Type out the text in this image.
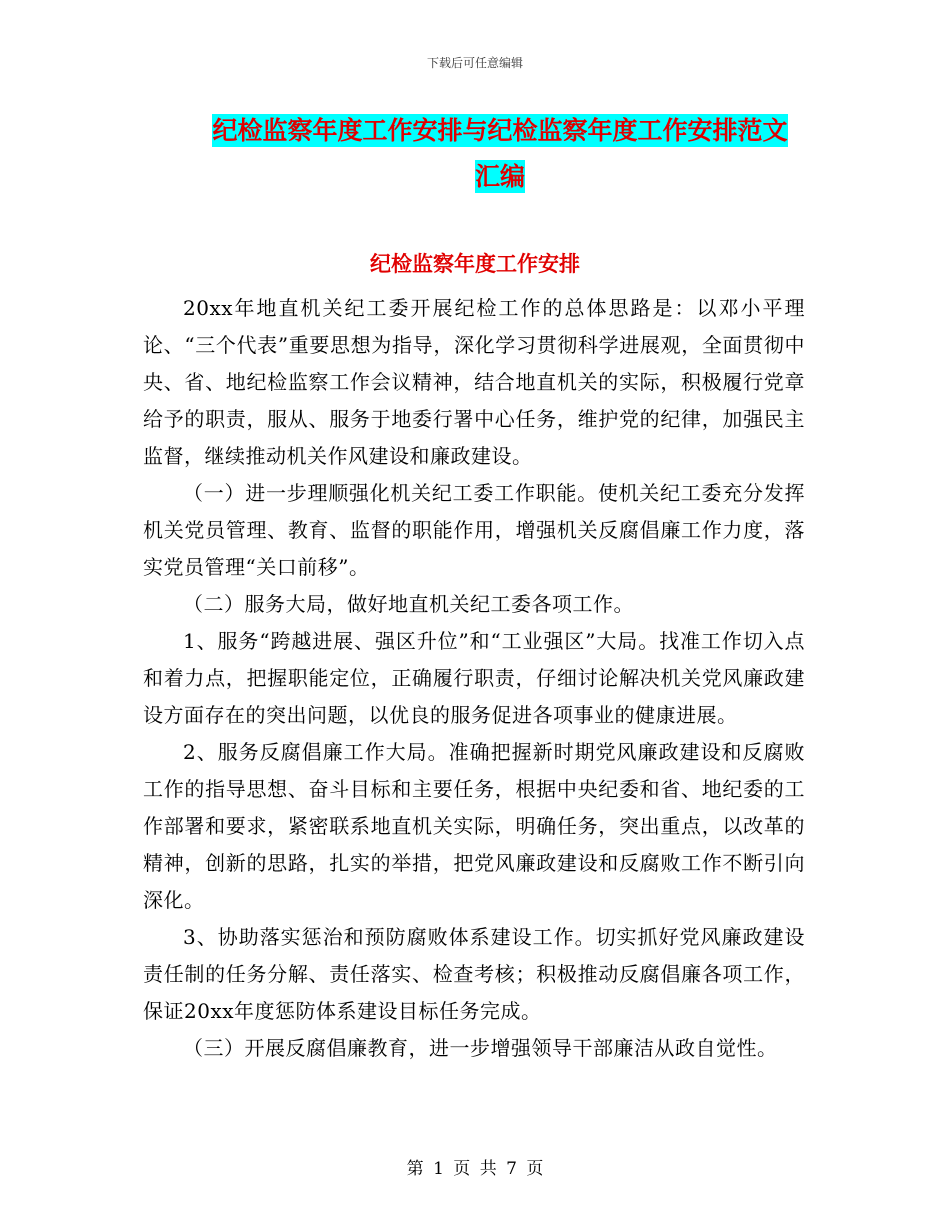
下载后可任意编辑
纪检监察年度工作安排与纪检监察年度工作安排范文
汇编
纪检监察年度工作安排

20xx年地直机关纪工委开展纪检工作的总体思路是：以邓小平理论、“三个代表”重要思想为指导，深化学习贯彻科学进展观，全面贯彻中央、省、地纪检监察工作会议精神，结合地直机关的实际，积极履行党章给予的职责，服从、服务于地委行署中心任务，维护党的纪律，加强民主监督，继续推动机关作风建设和廉政建设。

（一）进一步理顺强化机关纪工委工作职能。使机关纪工委充分发挥机关党员管理、教育、监督的职能作用，增强机关反腐倡廉工作力度，落实党员管理“关口前移”。

（二）服务大局，做好地直机关纪工委各项工作。

1、服务“跨越进展、强区升位”和“工业强区”大局。找准工作切入点和着力点，把握职能定位，正确履行职责，仔细讨论解决机关党风廉政建设方面存在的突出问题，以优良的服务促进各项事业的健康进展。

2、服务反腐倡廉工作大局。准确把握新时期党风廉政建设和反腐败工作的指导思想、奋斗目标和主要任务，根据中央纪委和省、地纪委的工作部署和要求，紧密联系地直机关实际，明确任务，突出重点，以改革的精神，创新的思路，扎实的举措，把党风廉政建设和反腐败工作不断引向深化。

3、协助落实惩治和预防腐败体系建设工作。切实抓好党风廉政建设责任制的任务分解、责任落实、检查考核；积极推动反腐倡廉各项工作，保证20xx年度惩防体系建设目标任务完成。

（三）开展反腐倡廉教育，进一步增强领导干部廉洁从政自觉性。

第 1 页 共 7 页
